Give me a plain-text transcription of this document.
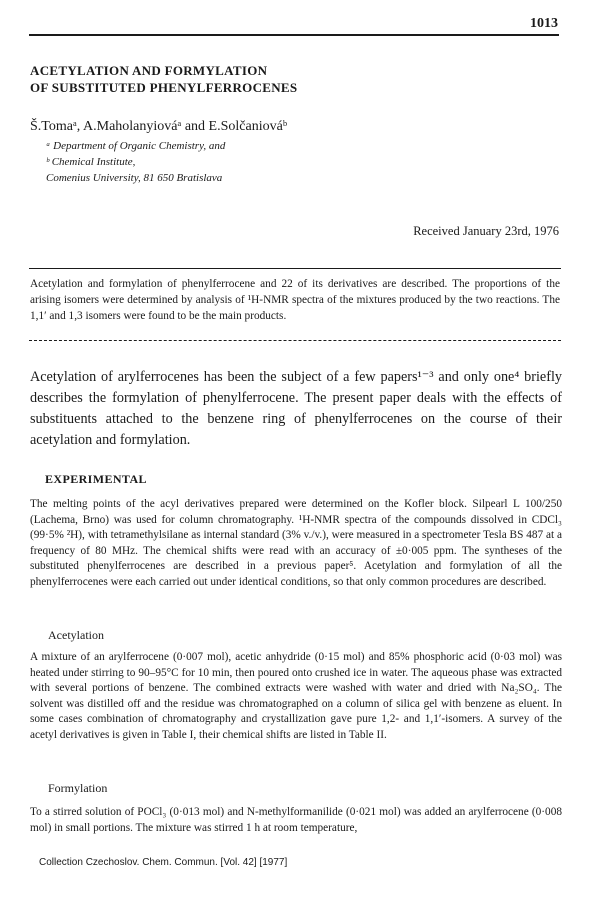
1013
ACETYLATION AND FORMYLATION
OF SUBSTITUTED PHENYLFERROCENES
Š.Tomaᵃ, A.Maholanyiováᵃ and E.Solčaniováᵇ
ᵃ Department of Organic Chemistry, and
ᵇ Chemical Institute,
Comenius University, 81 650 Bratislava
Received January 23rd, 1976
Acetylation and formylation of phenylferrocene and 22 of its derivatives are described. The proportions of the arising isomers were determined by analysis of ¹H-NMR spectra of the mixtures produced by the two reactions. The 1,1′ and 1,3 isomers were found to be the main products.
Acetylation of arylferrocenes has been the subject of a few papers¹⁻³ and only one⁴ briefly describes the formylation of phenylferrocene. The present paper deals with the effects of substituents attached to the benzene ring of phenylferrocenes on the course of their acetylation and formylation.
EXPERIMENTAL
The melting points of the acyl derivatives prepared were determined on the Kofler block. Silpearl L 100/250 (Lachema, Brno) was used for column chromatography. ¹H-NMR spectra of the compounds dissolved in CDCl₃ (99·5% ²H), with tetramethylsilane as internal standard (3% v./v.), were measured in a spectrometer Tesla BS 487 at a frequency of 80 MHz. The chemical shifts were read with an accuracy of ±0·005 ppm. The syntheses of the substituted phenylferrocenes are described in a previous paper⁵. Acetylation and formylation of all the phenylferrocenes were each carried out under identical conditions, so that only common procedures are described.
Acetylation
A mixture of an arylferrocene (0·007 mol), acetic anhydride (0·15 mol) and 85% phosphoric acid (0·03 mol) was heated under stirring to 90–95°C for 10 min, then poured onto crushed ice in water. The aqueous phase was extracted with several portions of benzene. The combined extracts were washed with water and dried with Na₂SO₄. The solvent was distilled off and the residue was chromatographed on a column of silica gel with benzene as eluent. In some cases combination of chromatography and crystallization gave pure 1,2- and 1,1′-isomers. A survey of the acetyl derivatives is given in Table I, their chemical shifts are listed in Table II.
Formylation
To a stirred solution of POCl₃ (0·013 mol) and N-methylformanilide (0·021 mol) was added an arylferrocene (0·008 mol) in small portions. The mixture was stirred 1 h at room temperature,
Collection Czechoslov. Chem. Commun. [Vol. 42] [1977]
